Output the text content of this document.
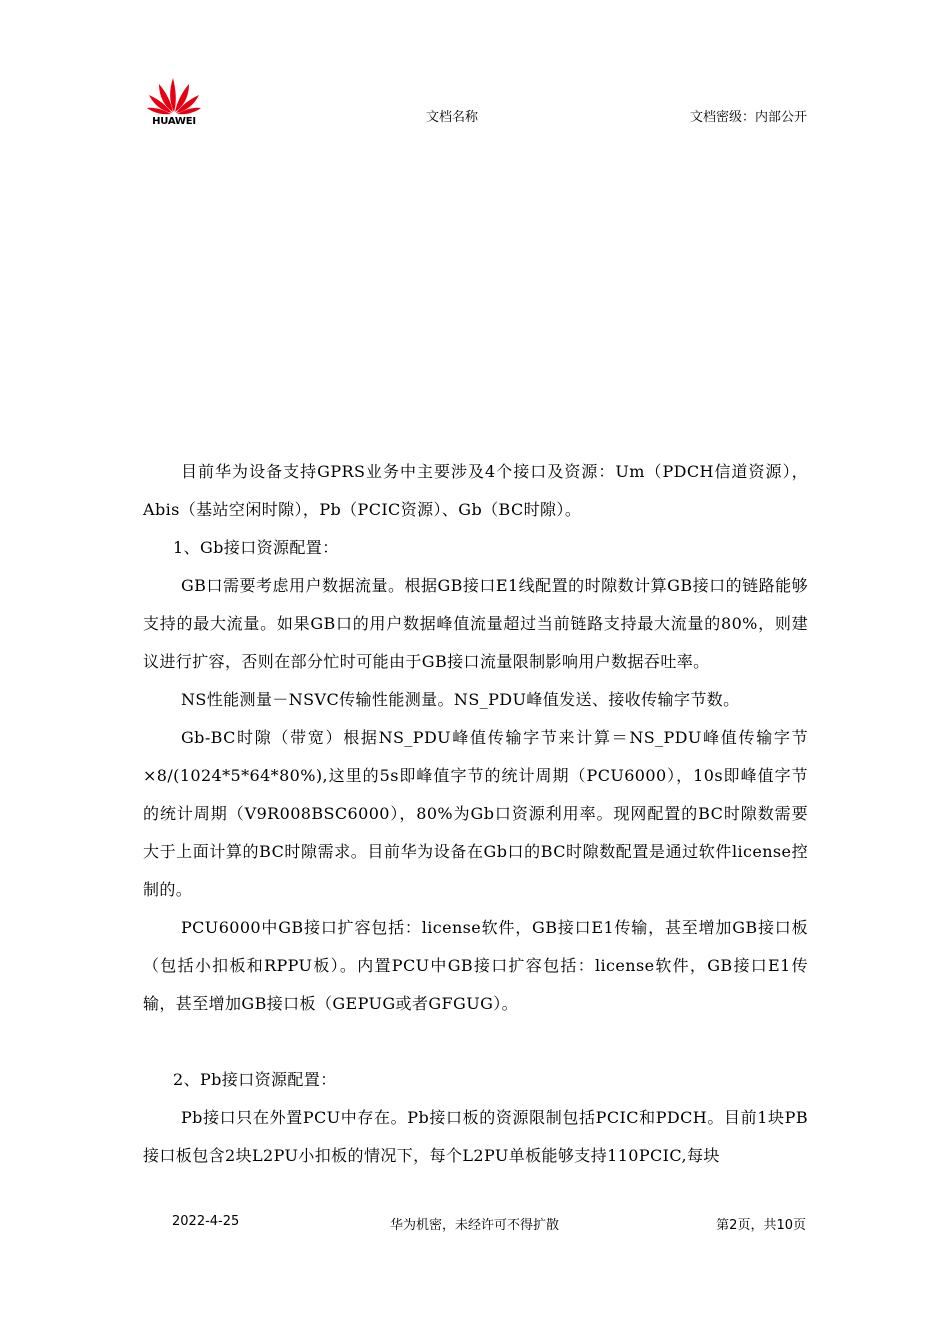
HUAWEI	文档名称	文档密级：内部公开

目前华为设备支持GPRS业务中主要涉及4个接口及资源：Um（PDCH信道资源），Abis（基站空闲时隙），Pb（PCIC资源）、Gb（BC时隙）。

1、Gb接口资源配置：

GB口需要考虑用户数据流量。根据GB接口E1线配置的时隙数计算GB接口的链路能够支持的最大流量。如果GB口的用户数据峰值流量超过当前链路支持最大流量的80%，则建议进行扩容，否则在部分忙时可能由于GB接口流量限制影响用户数据吞吐率。

NS性能测量－NSVC传输性能测量。NS_PDU峰值发送、接收传输字节数。

Gb-BC时隙（带宽）根据NS_PDU峰值传输字节来计算＝NS_PDU峰值传输字节×8/(1024*5*64*80%),这里的5s即峰值字节的统计周期（PCU6000），10s即峰值字节的统计周期（V9R008BSC6000），80%为Gb口资源利用率。现网配置的BC时隙数需要大于上面计算的BC时隙需求。目前华为设备在Gb口的BC时隙数配置是通过软件license控制的。

PCU6000中GB接口扩容包括：license软件，GB接口E1传输，甚至增加GB接口板（包括小扣板和RPPU板）。内置PCU中GB接口扩容包括：license软件，GB接口E1传输，甚至增加GB接口板（GEPUG或者GFGUG）。

2、Pb接口资源配置：

Pb接口只在外置PCU中存在。Pb接口板的资源限制包括PCIC和PDCH。目前1块PB接口板包含2块L2PU小扣板的情况下，每个L2PU单板能够支持110PCIC,每块

2022-4-25	华为机密，未经许可不得扩散	第2页，共10页
